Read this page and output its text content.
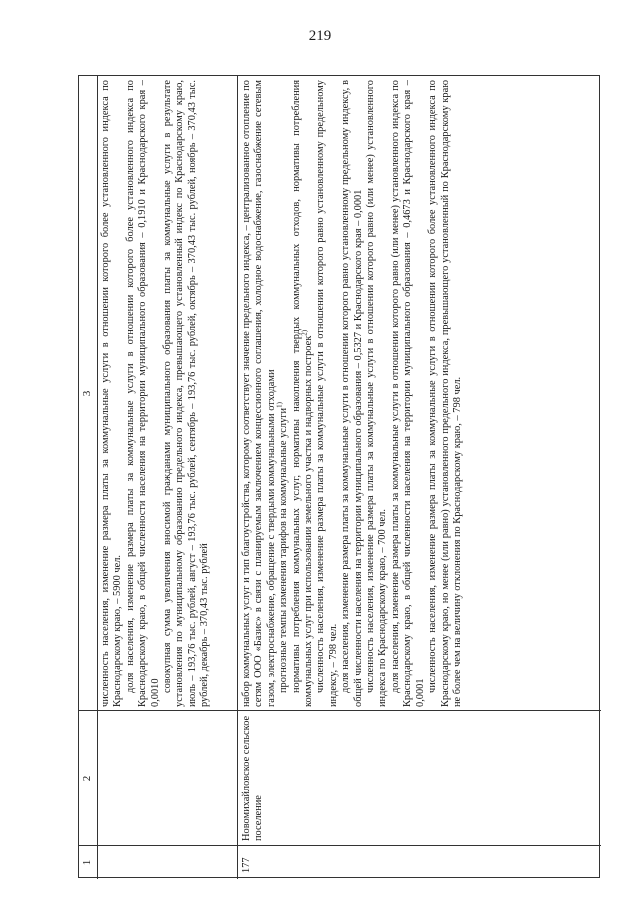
219
1
2
3 численность населения, изменение размера платы за коммунальные услуги в отношении которого более установленного индекса по Краснодарскому краю, – 5900 чел. доля населения, изменение размера платы за коммунальные услуги в отношении которого более установленного индекса по Краснодарскому краю, в общей численности населения на территории муниципального образования – 0,1910 и Краснодарского края – 0,0010 совокупная сумма увеличения вносимой гражданами муниципального образования платы за коммунальные услуги в результате установления по муниципальному образованию предельного индекса, превышающего установленный индекс по Краснодарскому краю, июль – 193,76 тыс. рублей, август – 193,76 тыс. рублей, сентябрь – 193,76 тыс. рублей, октябрь – 370,43 тыс. рублей, ноябрь – 370,43 тыс. рублей, декабрь – 370,43 тыс. рублей

177
Новомихайловское сельское поселение

набор коммунальных услуг и тип благоустройства, которому соответствует значение предельного индекса, – централизованное отопление по сетям ООО «Базис» в связи с планируемым заключением концессионного соглашения, холодное водоснабжение, газоснабжение сетевым газом, электроснабжение, обращение с твердыми коммунальными отходами прогнозные темпы изменения тарифов на коммунальные услуги$^{1)}$ нормативы потребления коммунальных услуг, нормативы накопления твердых коммунальных отходов, нормативы потребления коммунальных услуг при использовании земельного участка и надворных построек$^{2)}$ численность населения, изменение размера платы за коммунальные услуги в отношении которого равно установленному предельному индексу, – 798 чел. доля населения, изменение размера платы за коммунальные услуги в отношении которого равно установленному предельному индексу, в общей численности населения на территории муниципального образования – 0,5327 и Краснодарского края – 0,0001 численность населения, изменение размера платы за коммунальные услуги в отношении которого равно (или менее) установленного индекса по Краснодарскому краю, – 700 чел. доля населения, изменение размера платы за коммунальные услуги в отношении которого равно (или менее) установленного индекса по Краснодарскому краю, в общей численности населения на территории муниципального образования – 0,4673 и Краснодарского края – 0,0001 численность населения, изменение размера платы за коммунальные услуги в отношении которого более установленного индекса по Краснодарскому краю, но менее (или равно) установленного предельного индекса, превышающего установленный по Краснодарскому краю не более чем на величину отклонения по Краснодарскому краю, – 798 чел.
